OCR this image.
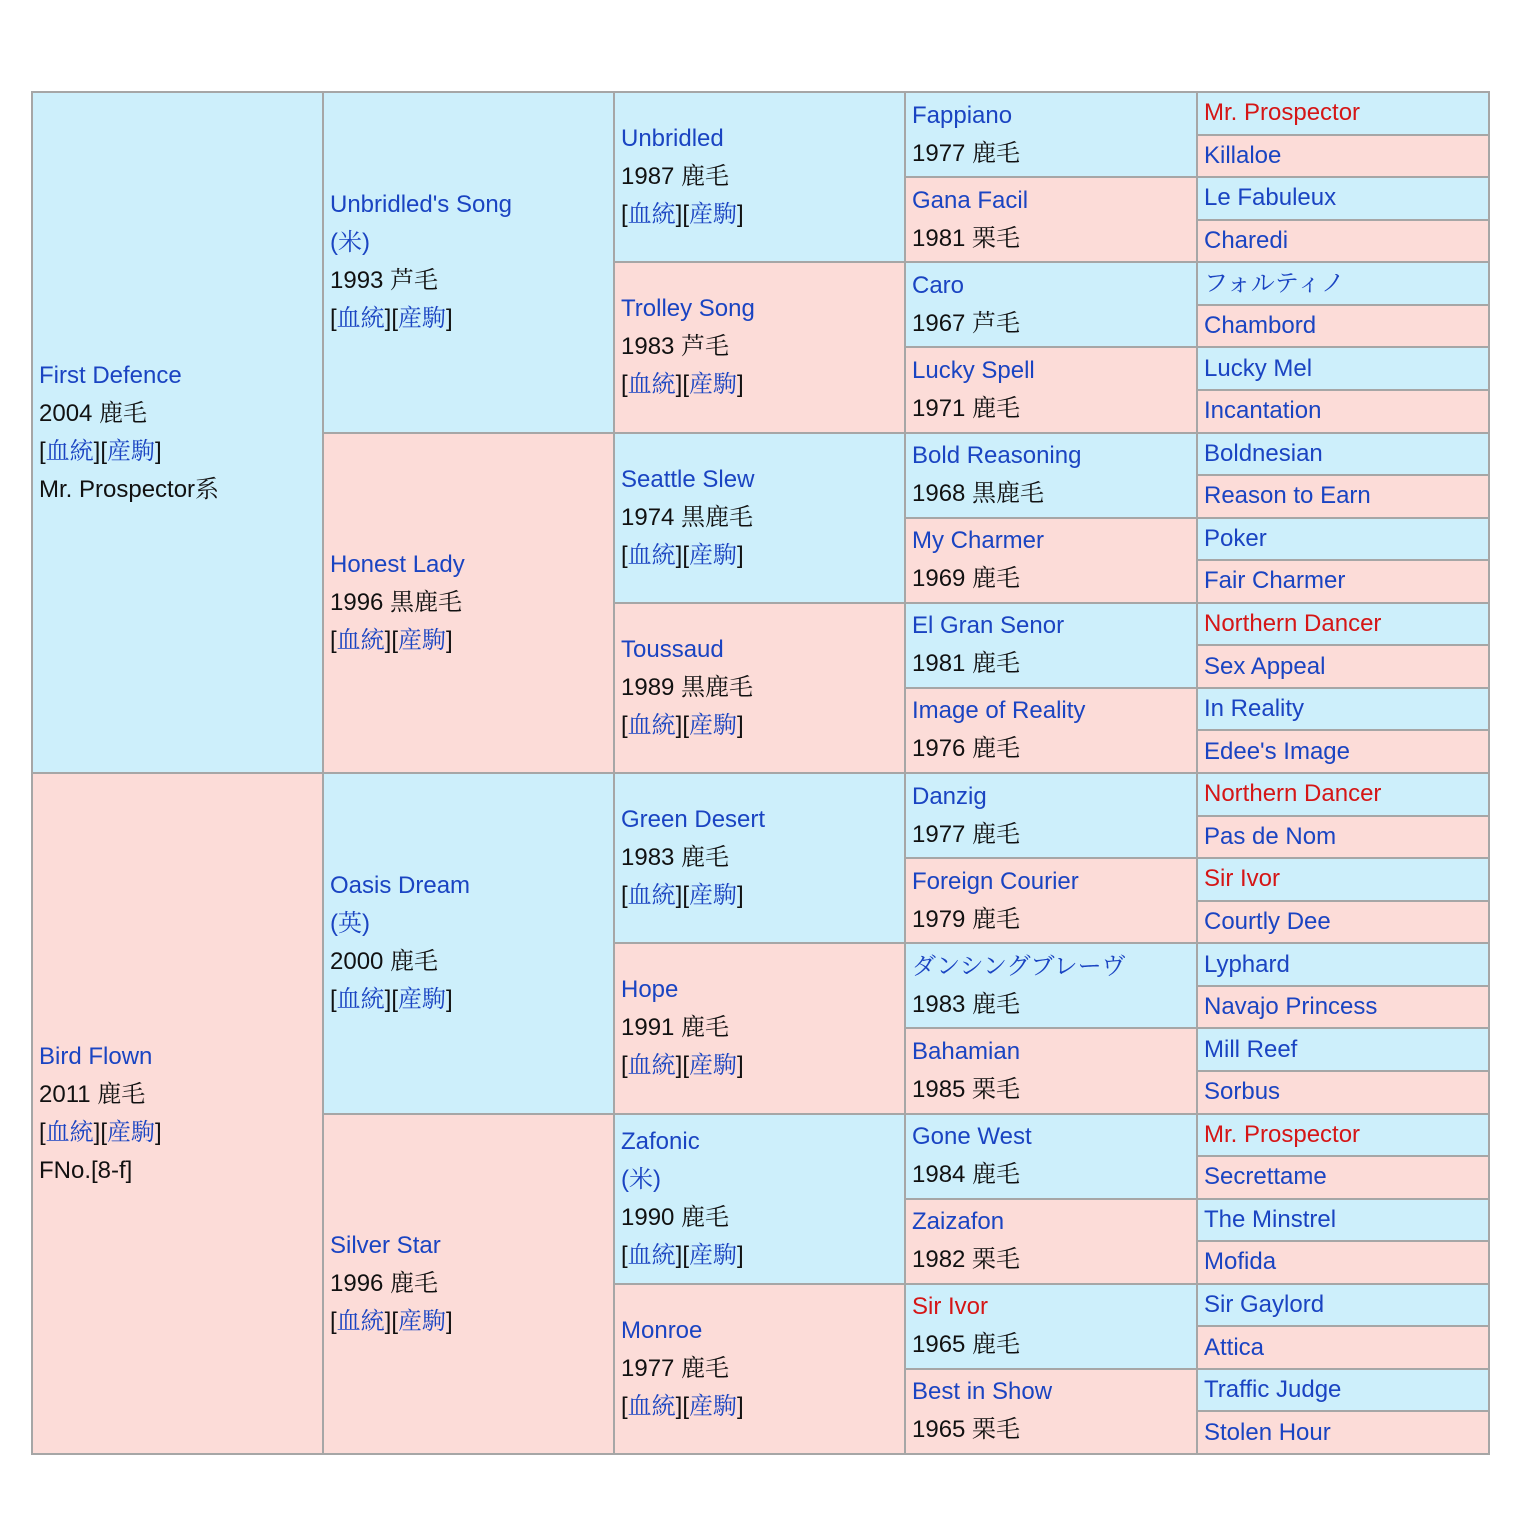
First Defence
2004 鹿毛
[血統][産駒]
Mr. Prospector系	Unbridled's Song
(米)
1993 芦毛
[血統][産駒]	Unbridled
1987 鹿毛
[血統][産駒]	Fappiano
1977 鹿毛	Mr. Prospector

				Killaloe

			Gana Facil
1981 栗毛	Le Fabuleux

				Charedi

		Trolley Song
1983 芦毛
[血統][産駒]	Caro
1967 芦毛	フォルティノ

				Chambord

			Lucky Spell
1971 鹿毛	Lucky Mel

				Incantation

	Honest Lady
1996 黒鹿毛
[血統][産駒]	Seattle Slew
1974 黒鹿毛
[血統][産駒]	Bold Reasoning
1968 黒鹿毛	Boldnesian

				Reason to Earn

			My Charmer
1969 鹿毛	Poker

				Fair Charmer

		Toussaud
1989 黒鹿毛
[血統][産駒]	El Gran Senor
1981 鹿毛	Northern Dancer

				Sex Appeal

			Image of Reality
1976 鹿毛	In Reality

				Edee's Image

Bird Flown
2011 鹿毛
[血統][産駒]
FNo.[8-f]	Oasis Dream
(英)
2000 鹿毛
[血統][産駒]	Green Desert
1983 鹿毛
[血統][産駒]	Danzig
1977 鹿毛	Northern Dancer

				Pas de Nom

			Foreign Courier
1979 鹿毛	Sir Ivor

				Courtly Dee

		Hope
1991 鹿毛
[血統][産駒]	ダンシングブレーヴ
1983 鹿毛	Lyphard

				Navajo Princess

			Bahamian
1985 栗毛	Mill Reef

				Sorbus

	Silver Star
1996 鹿毛
[血統][産駒]	Zafonic
(米)
1990 鹿毛
[血統][産駒]	Gone West
1984 鹿毛	Mr. Prospector

				Secrettame

			Zaizafon
1982 栗毛	The Minstrel

				Mofida

		Monroe
1977 鹿毛
[血統][産駒]	Sir Ivor
1965 鹿毛	Sir Gaylord

				Attica

			Best in Show
1965 栗毛	Traffic Judge

				Stolen Hour
